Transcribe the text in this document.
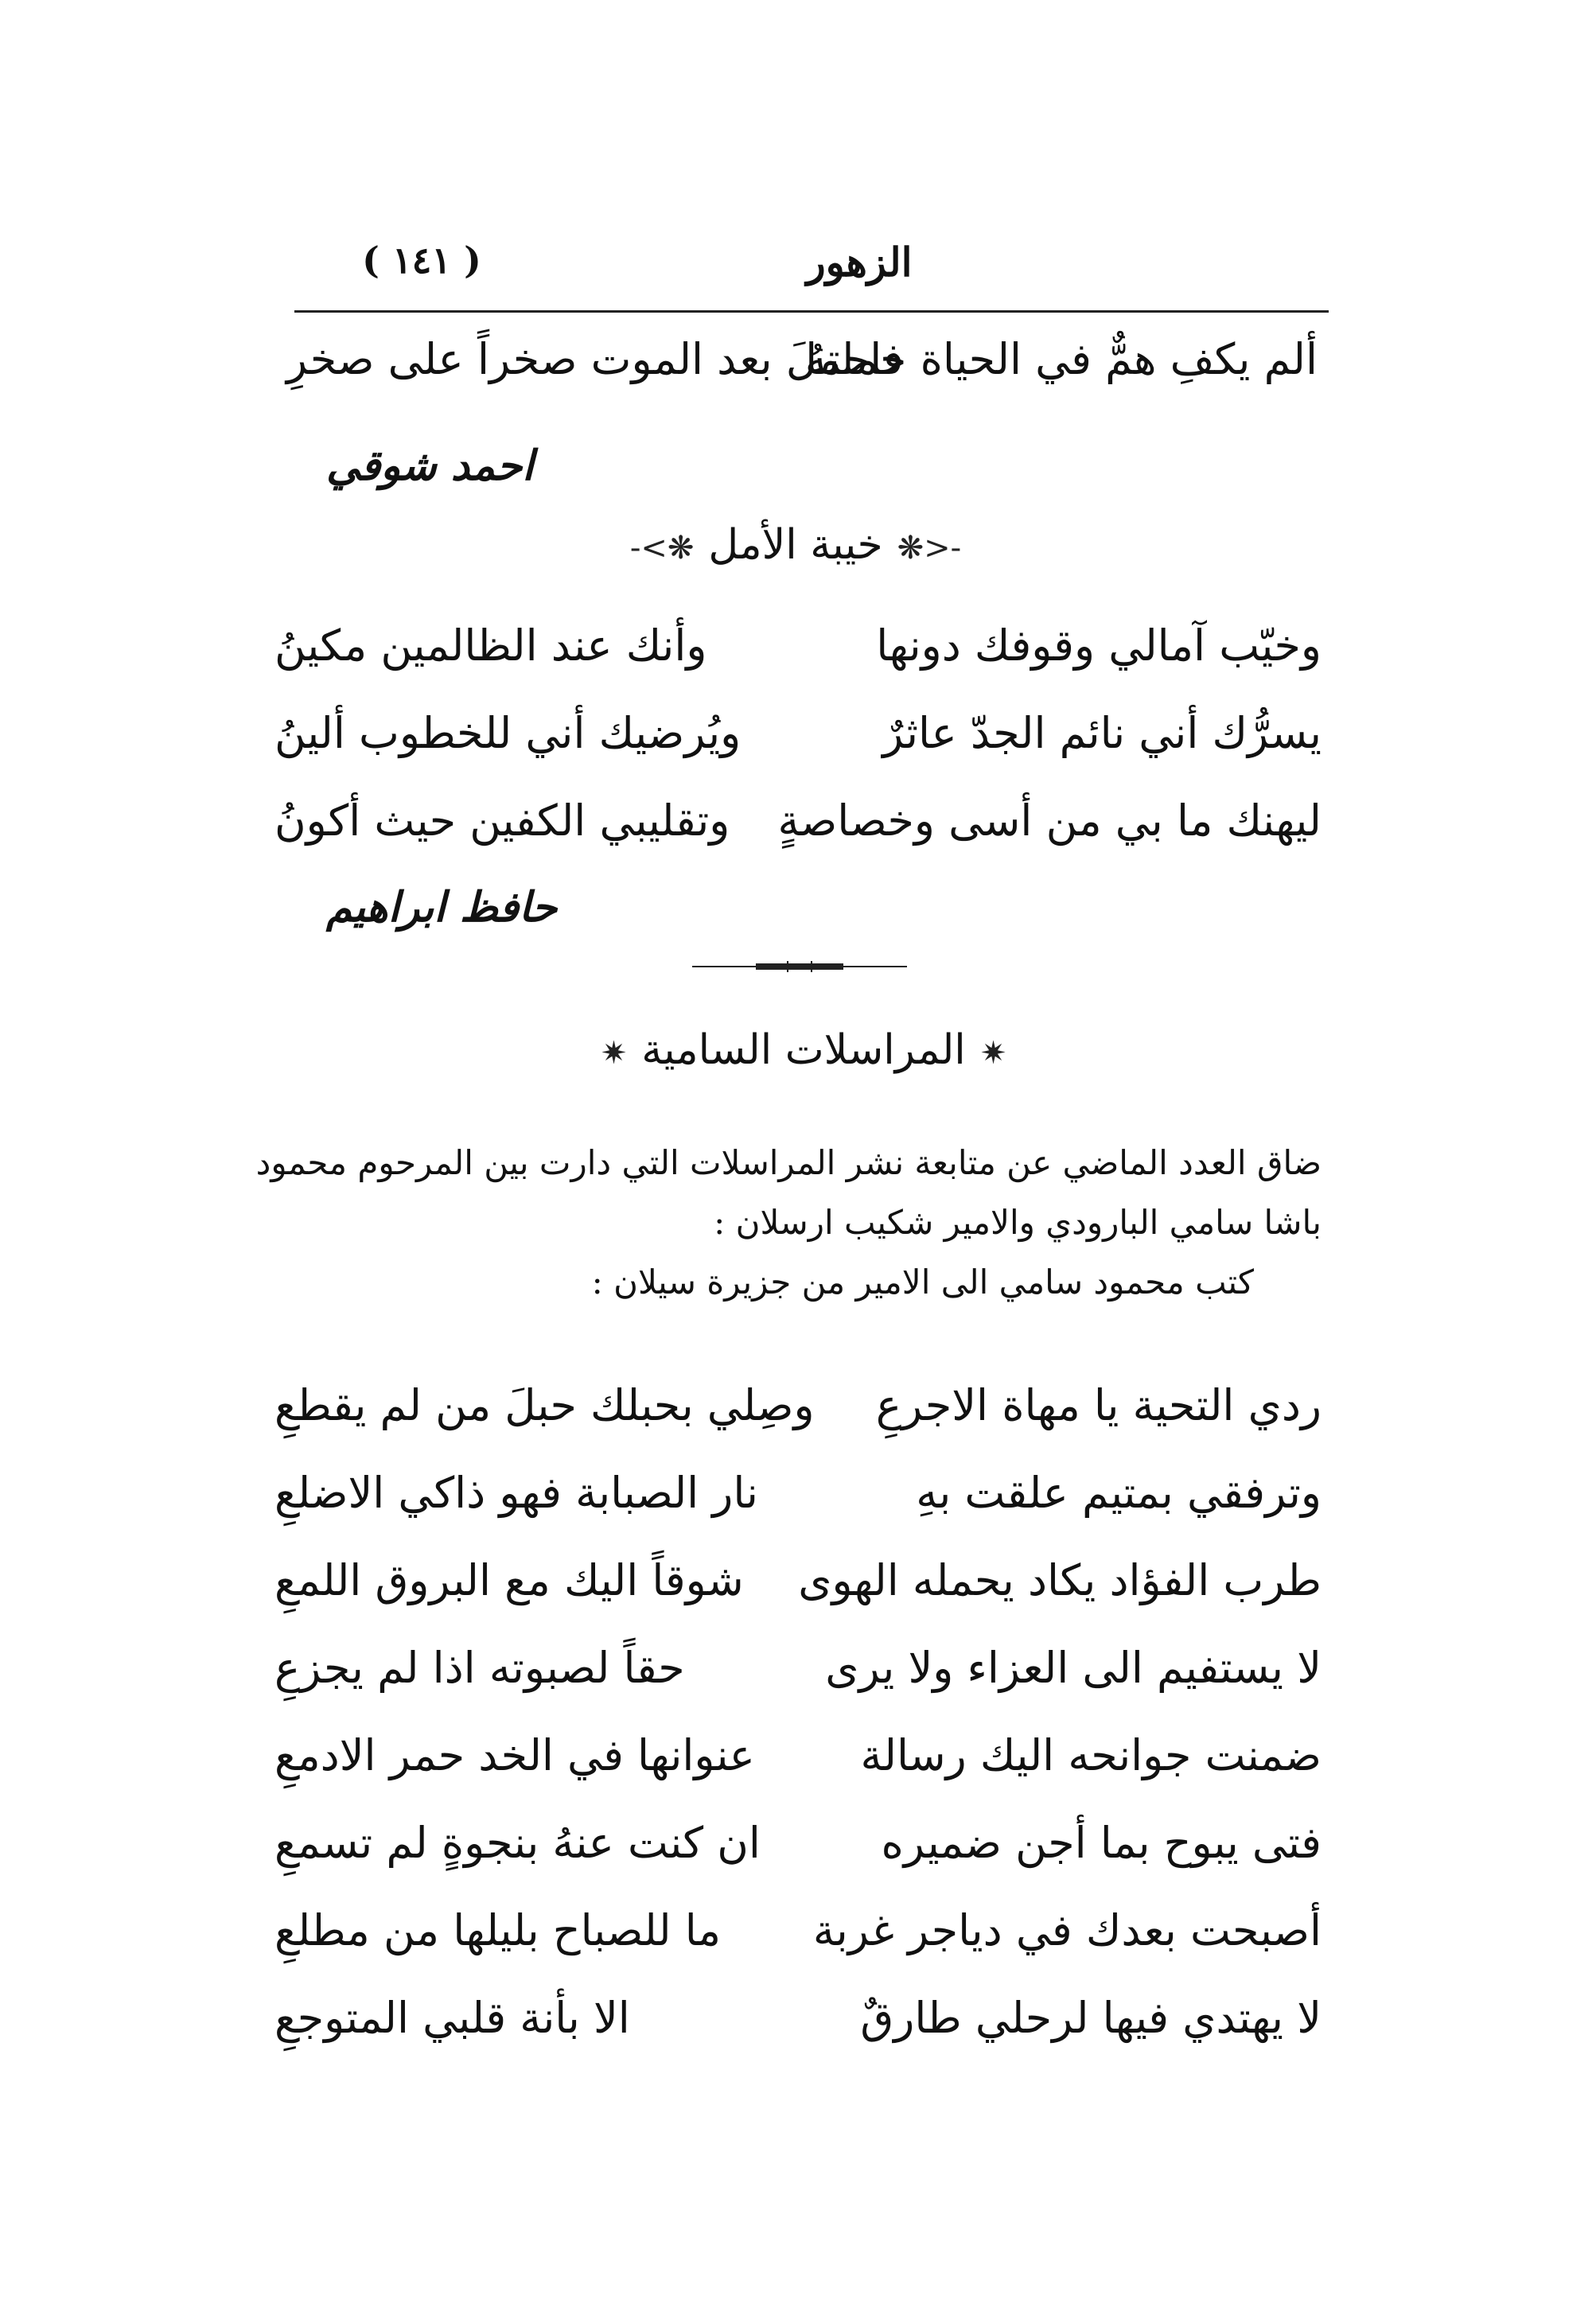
الزهور
( ١٤١ )
ألم يكفِ همٌّ في الحياة حملتهُ
فاحملَ بعد الموت صخراً على صخرِ
احمد شوقي
-<❋خيبة الأمل❋>-
وخيّب آمالي وقوفك دونها
وأنك عند الظالمين مكينُ
يسرُّك أني نائم الجدّ عاثرٌ
ويُرضيك أني للخطوب ألينُ
ليهنك ما بي من أسى وخصاصةٍ
وتقليبي الكفين حيث أكونُ
حافظ ابراهيم
✷المراسلات السامية✷
ضاق العدد الماضي عن متابعة نشر المراسلات التي دارت بين المرحوم محمود
باشا سامي البارودي والامير شكيب ارسلان :
كتب محمود سامي الى الامير من جزيرة سيلان :
ردي التحية يا مهاة الاجرعِ
وصِلي بحبلك حبلَ من لم يقطعِ
وترفقي بمتيم علقت بهِ
نار الصبابة فهو ذاكي الاضلعِ
طرب الفؤاد يكاد يحمله الهوى
شوقاً اليك مع البروق اللمعِ
لا يستفيم الى العزاء ولا يرى
حقاً لصبوته اذا لم يجزعِ
ضمنت جوانحه اليك رسالة
عنوانها في الخد حمر الادمعِ
فتى يبوح بما أجن ضميره
ان كنت عنهُ بنجوةٍ لم تسمعِ
أصبحت بعدك في دياجر غربة
ما للصباح بليلها من مطلعِ
لا يهتدي فيها لرحلي طارقٌ
الا بأنة قلبي المتوجعِ
